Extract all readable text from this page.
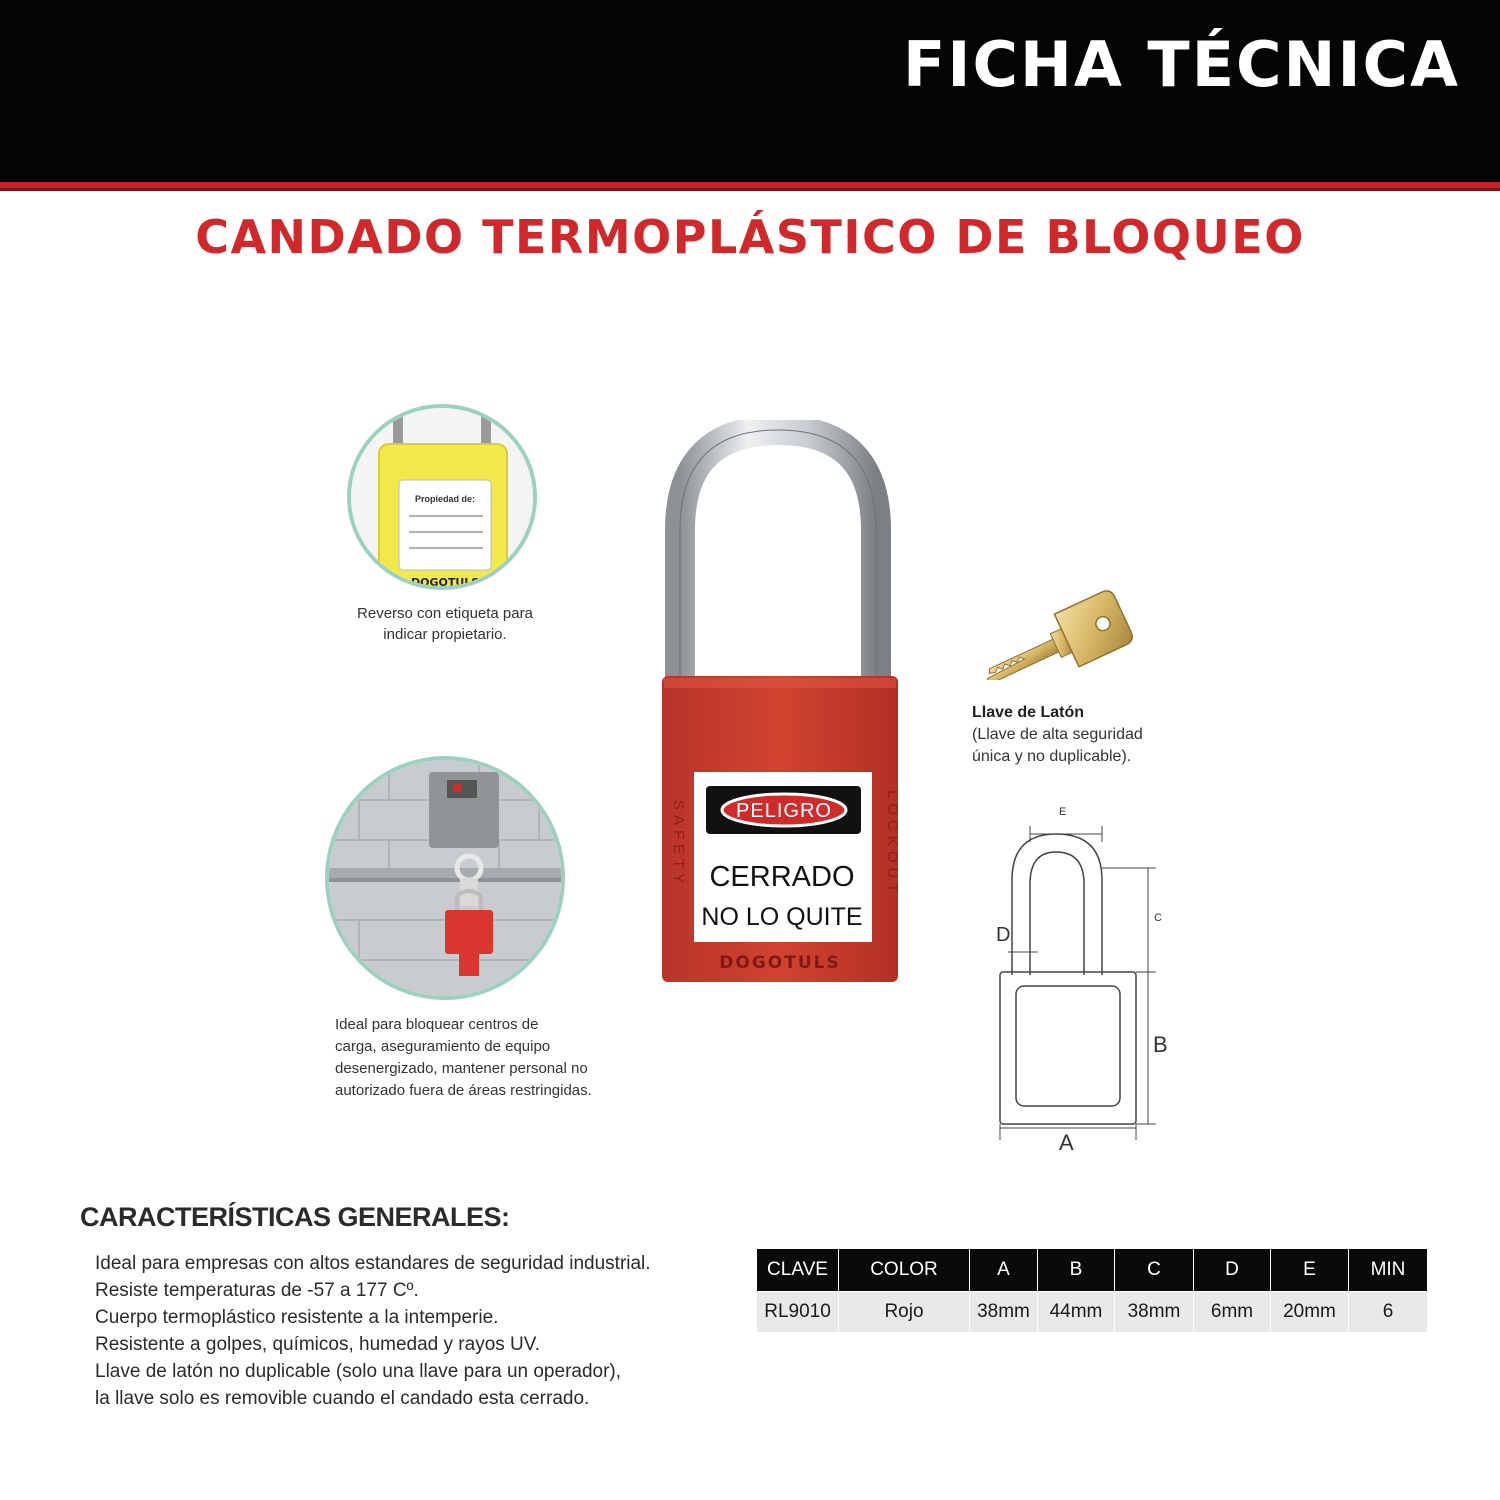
FICHA TÉCNICA
CANDADO TERMOPLÁSTICO DE BLOQUEO
Propiedad de:
DOGOTULS
Reverso con etiqueta para
indicar propietario.
Ideal para bloquear centros de
carga, aseguramiento de equipo
desenergizado, mantener personal no
autorizado fuera de áreas restringidas.
SAFETY	LOCKOUT
PELIGRO
CERRADO
NO LO QUITE
DOGOTULS
Llave de Latón
(Llave de alta seguridad
única y no duplicable).
E
C
D
B
A
CARACTERÍSTICAS GENERALES:
Ideal para empresas con altos estandares de seguridad industrial.
Resiste temperaturas de -57 a 177 Cº.
Cuerpo termoplástico resistente a la intemperie.
Resistente a golpes, químicos, humedad y rayos UV.
Llave de latón no duplicable (solo una llave para un operador),
la llave solo es removible cuando el candado esta cerrado.
CLAVE	COLOR	A	B	C	D	E	MIN
RL9010	Rojo	38mm	44mm	38mm	6mm	20mm	6
